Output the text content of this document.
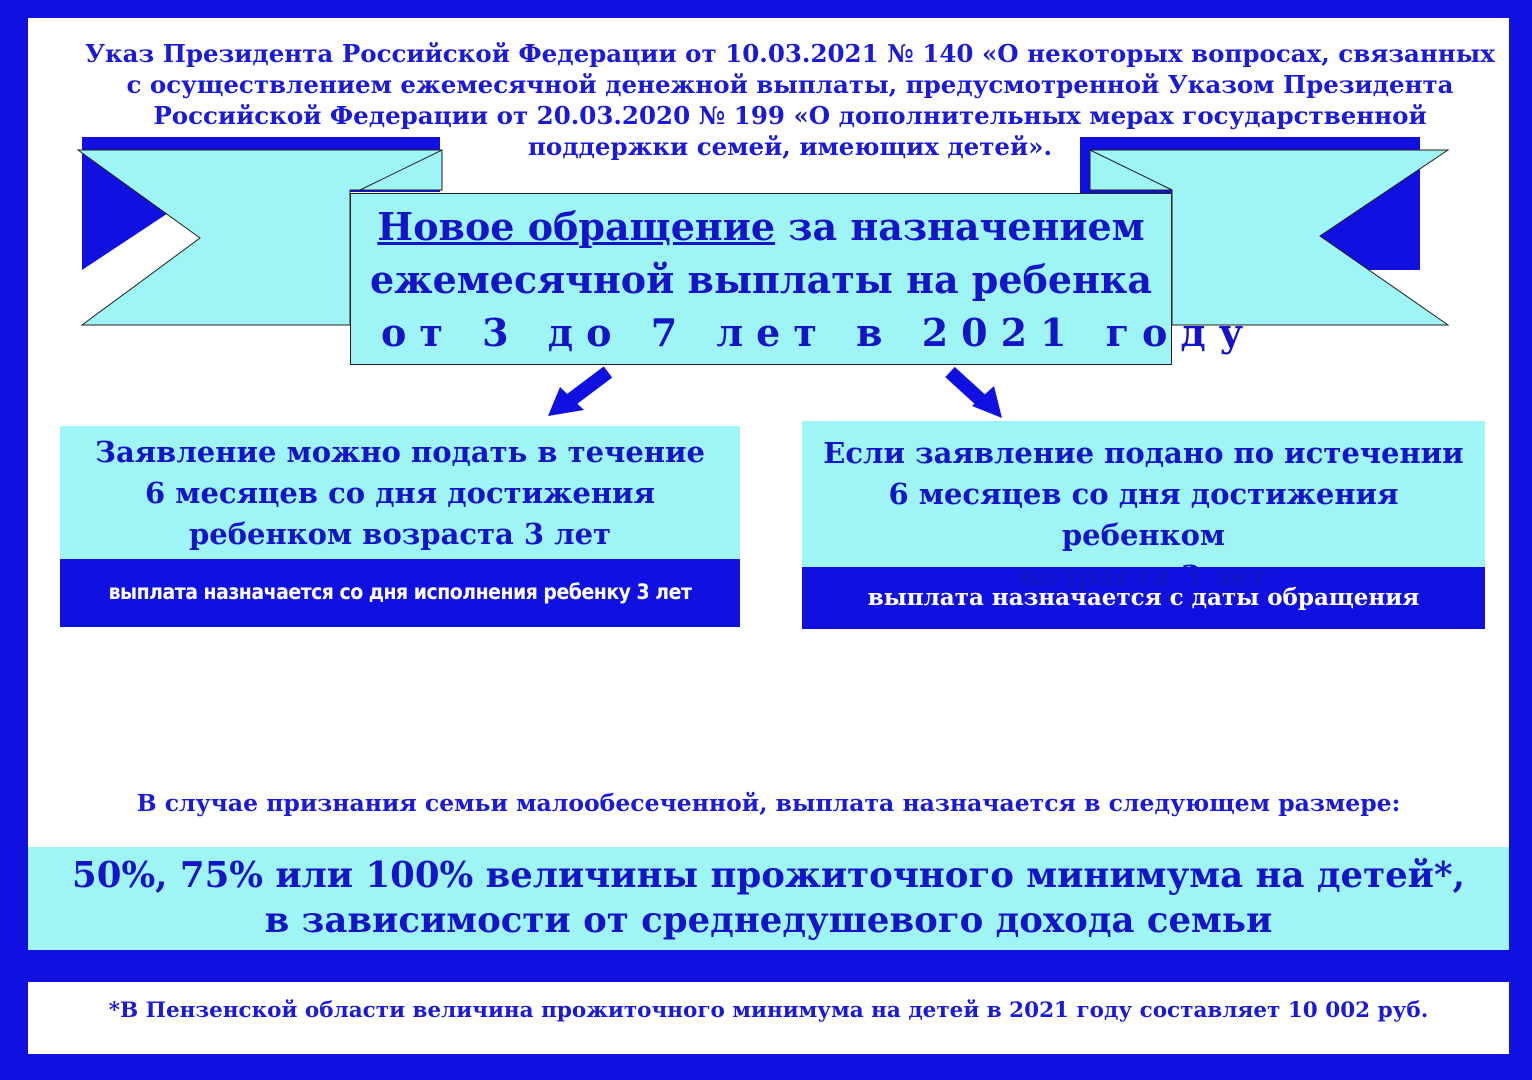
Указ Президента Российской Федерации от 10.03.2021 № 140 «О некоторых вопросах, связанных
с осуществлением ежемесячной денежной выплаты, предусмотренной Указом Президента
Российской Федерации от 20.03.2020 № 199 «О дополнительных мерах государственной
поддержки семей, имеющих детей».
Новое обращение за назначением
ежемесячной выплаты на ребенка
от 3 до 7 лет в 2021 году
Заявление можно подать в течение
6 месяцев со дня достижения
ребенком возраста 3 лет
выплата назначается со дня исполнения ребенку 3 лет
Если заявление подано по истечении
6 месяцев со дня достижения ребенком
выплата назначается с даты обращения
!!! ВАЖНО: выплата носит адресный характер и направлена на поддержание малообеспеченных семей
с детьми. Уполномоченные органы проверят не только доход, но и имущественное положение семьи.
В случае признания семьи малообесеченной, выплата назначается в следующем размере:
50%, 75% или 100% величины прожиточного минимума на детей*,
в зависимости от среднедушевого дохода семьи
*В Пензенской области величина прожиточного минимума на детей в 2021 году составляет 10 002 руб.
